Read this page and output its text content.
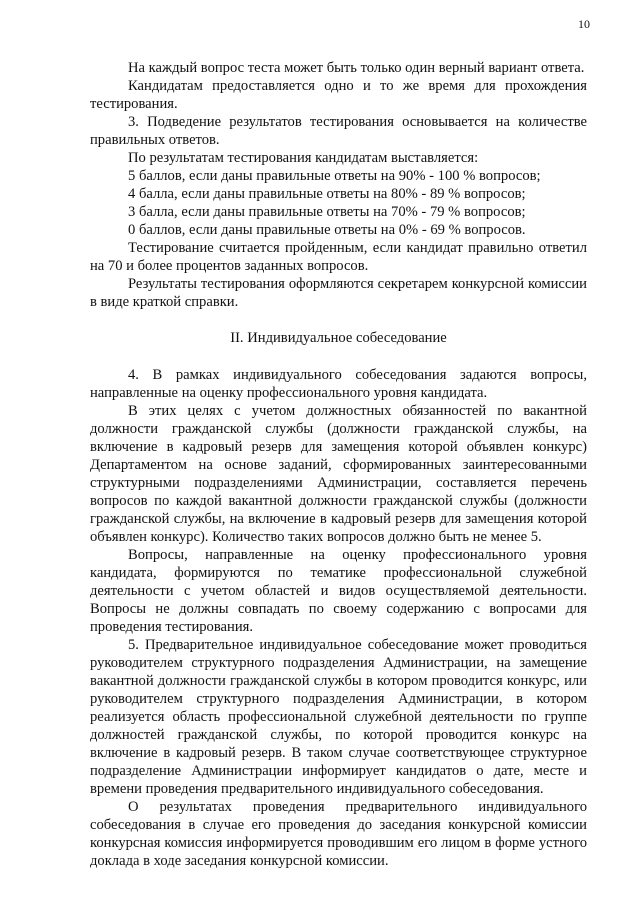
10

На каждый вопрос теста может быть только один верный вариант ответа.

Кандидатам предоставляется одно и то же время для прохождения тестирования.

3. Подведение результатов тестирования основывается на количестве правильных ответов.

По результатам тестирования кандидатам выставляется:

5 баллов, если даны правильные ответы на 90% - 100 % вопросов;

4 балла, если даны правильные ответы на 80% - 89 % вопросов;

3 балла, если даны правильные ответы на 70% - 79 % вопросов;

0 баллов, если даны правильные ответы на 0% - 69 % вопросов.

Тестирование считается пройденным, если кандидат правильно ответил на 70 и более процентов заданных вопросов.

Результаты тестирования оформляются секретарем конкурсной комиссии в виде краткой справки.

II. Индивидуальное собеседование

4. В рамках индивидуального собеседования задаются вопросы, направленные на оценку профессионального уровня кандидата.

В этих целях с учетом должностных обязанностей по вакантной должности гражданской службы (должности гражданской службы, на включение в кадровый резерв для замещения которой объявлен конкурс) Департаментом на основе заданий, сформированных заинтересованными структурными подразделениями Администрации, составляется перечень вопросов по каждой вакантной должности гражданской службы (должности гражданской службы, на включение в кадровый резерв для замещения которой объявлен конкурс). Количество таких вопросов должно быть не менее 5.

Вопросы, направленные на оценку профессионального уровня кандидата, формируются по тематике профессиональной служебной деятельности с учетом областей и видов осуществляемой деятельности. Вопросы не должны совпадать по своему содержанию с вопросами для проведения тестирования.

5. Предварительное индивидуальное собеседование может проводиться руководителем структурного подразделения Администрации, на замещение вакантной должности гражданской службы в котором проводится конкурс, или руководителем структурного подразделения Администрации, в котором реализуется область профессиональной служебной деятельности по группе должностей гражданской службы, по которой проводится конкурс на включение в кадровый резерв. В таком случае соответствующее структурное подразделение Администрации информирует кандидатов о дате, месте и времени проведения предварительного индивидуального собеседования.

О результатах проведения предварительного индивидуального собеседования в случае его проведения до заседания конкурсной комиссии конкурсная комиссия информируется проводившим его лицом в форме устного доклада в ходе заседания конкурсной комиссии.
